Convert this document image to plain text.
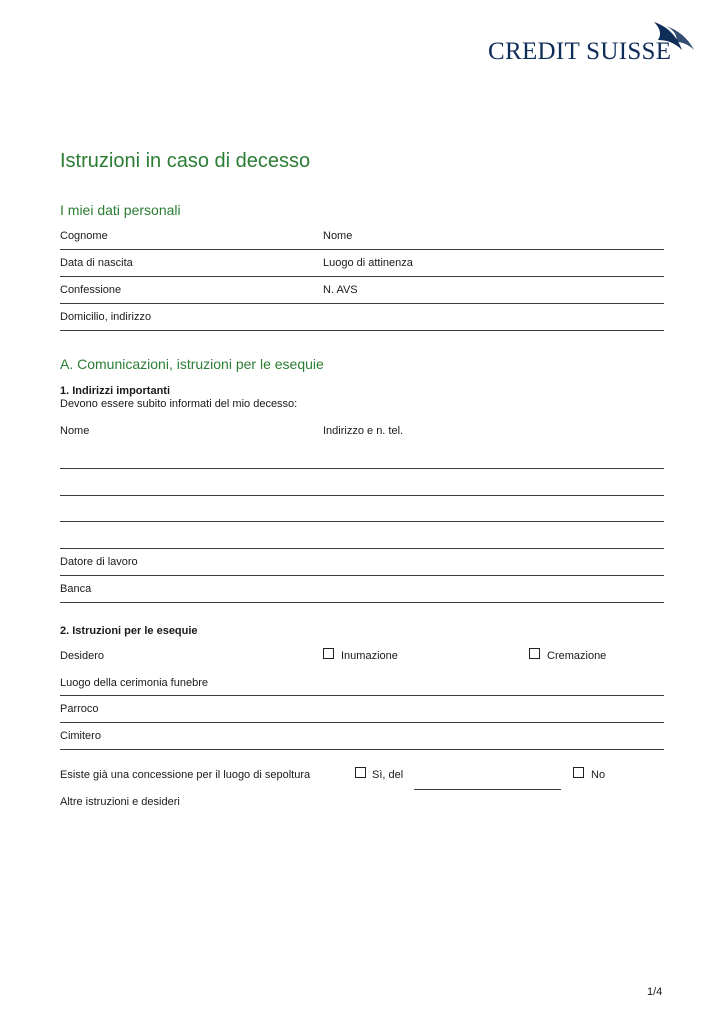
CREDIT SUISSE
Istruzioni in caso di decesso
I miei dati personali
Cognome	Nome
Data di nascita	Luogo di attinenza
Confessione	N. AVS
Domicilio, indirizzo
A. Comunicazioni, istruzioni per le esequie
1. Indirizzi importanti
Devono essere subito informati del mio decesso:
Nome	Indirizzo e n. tel.
Datore di lavoro
Banca
2. Istruzioni per le esequie
Desidero	Inumazione	Cremazione
Luogo della cerimonia funebre
Parroco
Cimitero
Esiste già una concessione per il luogo di sepoltura	Sì, del	No
Altre istruzioni e desideri
1/4
